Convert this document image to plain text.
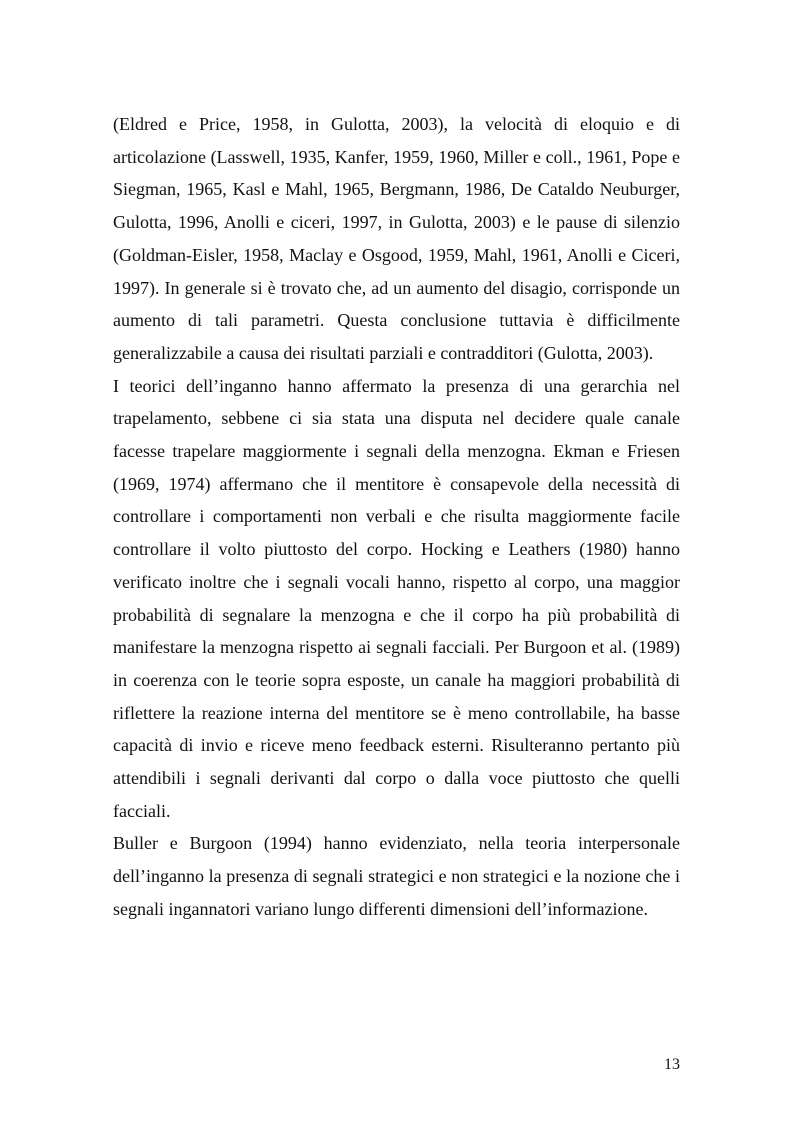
(Eldred e Price, 1958, in Gulotta, 2003), la velocità di eloquio e di articolazione (Lasswell, 1935, Kanfer, 1959, 1960, Miller e coll., 1961, Pope e Siegman, 1965, Kasl e Mahl, 1965, Bergmann, 1986, De Cataldo Neuburger, Gulotta, 1996, Anolli e ciceri, 1997, in Gulotta, 2003) e le pause di silenzio (Goldman-Eisler, 1958, Maclay e Osgood, 1959, Mahl, 1961, Anolli e Ciceri, 1997). In generale si è trovato che, ad un aumento del disagio, corrisponde un aumento di tali parametri. Questa conclusione tuttavia è difficilmente generalizzabile a causa dei risultati parziali e contradditori (Gulotta, 2003).

I teorici dell’inganno hanno affermato la presenza di una gerarchia nel trapelamento, sebbene ci sia stata una disputa nel decidere quale canale facesse trapelare maggiormente i segnali della menzogna. Ekman e Friesen (1969, 1974) affermano che il mentitore è consapevole della necessità di controllare i comportamenti non verbali e che risulta maggiormente facile controllare il volto piuttosto del corpo. Hocking e Leathers (1980) hanno verificato inoltre che i segnali vocali hanno, rispetto al corpo, una maggior probabilità di segnalare la menzogna e che il corpo ha più probabilità di manifestare la menzogna rispetto ai segnali facciali. Per Burgoon et al. (1989) in coerenza con le teorie sopra esposte, un canale ha maggiori probabilità di riflettere la reazione interna del mentitore se è meno controllabile, ha basse capacità di invio e riceve meno feedback esterni. Risulteranno pertanto più attendibili i segnali derivanti dal corpo o dalla voce piuttosto che quelli facciali.

Buller e Burgoon (1994) hanno evidenziato, nella teoria interpersonale dell’inganno la presenza di segnali strategici e non strategici e la nozione che i segnali ingannatori variano lungo differenti dimensioni dell’informazione.

13
